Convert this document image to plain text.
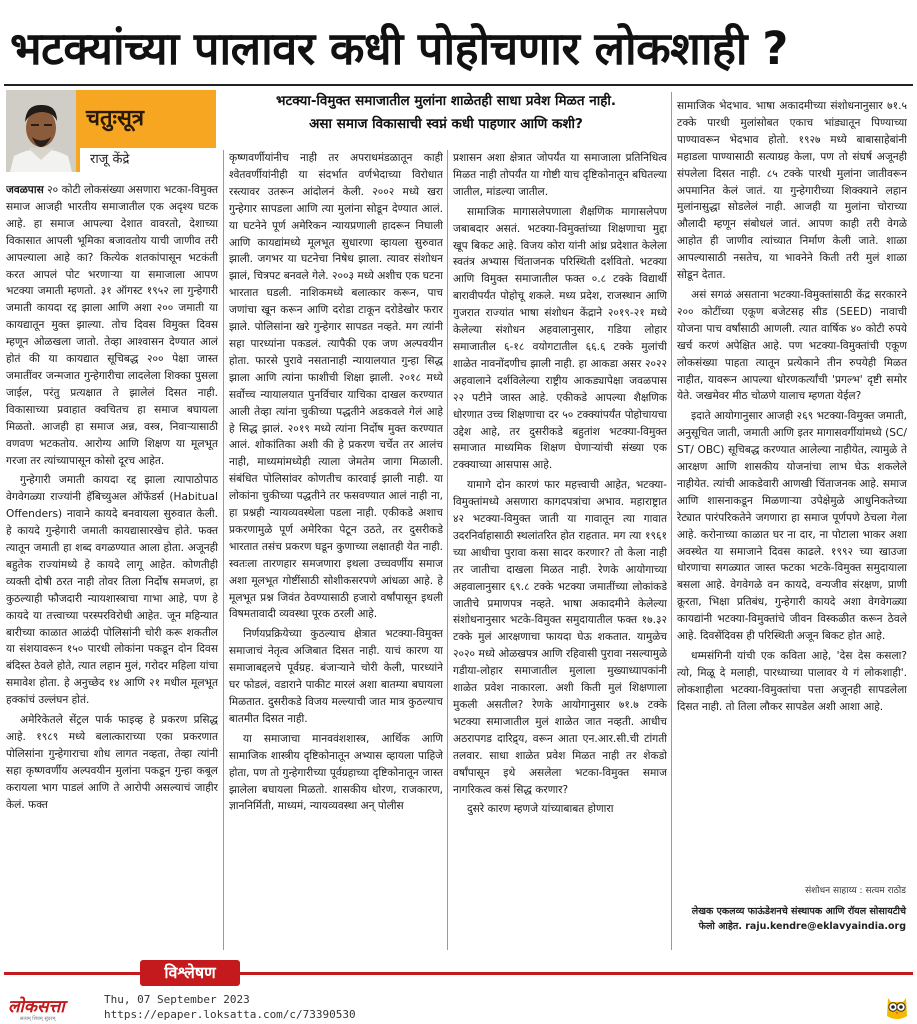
भटक्यांच्या पालावर कधी पोहोचणार लोकशाही ?
चतुःसूत्र
राजू केंद्रे
भटक्या-विमुक्त समाजातील मुलांना शाळेतही साधा प्रवेश मिळत नाही.
असा समाज विकासाची स्वप्नं कधी पाहणार आणि कशी?

जवळपास २० कोटी लोकसंख्या असणारा भटका-विमुक्त समाज आजही भारतीय समाजातील एक अदृश्य घटक आहे. हा समाज आपल्या देशात वावरतो, देशाच्या विकासात आपली भूमिका बजावतोय याची जाणीव तरी आपल्याला आहे का? कित्येक शतकांपासून भटकंती करत आपलं पोट भरणाऱ्या या समाजाला आपण भटक्या जमाती म्हणतो. ३१ ऑगस्ट १९५२ ला गुन्हेगारी जमाती कायदा रद्द झाला आणि अशा २०० जमाती या कायद्यातून मुक्त झाल्या. तोच दिवस विमुक्त दिवस म्हणून ओळखला जातो. तेव्हा आश्वासन देण्यात आलं होतं की या कायद्यात सूचिबद्ध २०० पेक्षा जास्त जमातींवर जन्मजात गुन्हेगारीचा लादलेला शिक्का पुसला जाईल, परंतु प्रत्यक्षात ते झालेलं दिसत नाही. विकासाच्या प्रवाहात क्वचितच हा समाज बघायला मिळतो. आजही हा समाज अन्न, वस्त्र, निवाऱ्यासाठी वणवण भटकतोय. आरोग्य आणि शिक्षण या मूलभूत गरजा तर त्यांच्यापासून कोसो दूरच आहेत.

गुन्हेगारी जमाती कायदा रद्द झाला त्यापाठोपाठ वेगवेगळ्या राज्यांनी हॅबिच्युअल ऑफेंडर्स (Habitual Offenders) नावाने कायदे बनवायला सुरुवात केली. हे कायदे गुन्हेगारी जमाती कायद्यासारखेच होते. फक्त त्यातून जमाती हा शब्द वगळण्यात आला होता. अजूनही बहुतेक राज्यांमध्ये हे कायदे लागू आहेत. कोणतीही व्यक्ती दोषी ठरत नाही तोवर तिला निर्दोष समजणं, हा कुठल्याही फौजदारी न्यायशास्त्राचा गाभा आहे, पण हे कायदे या तत्त्वाच्या परस्परविरोधी आहेत. जून महिन्यात बारीच्या काळात आळंदी पोलिसांनी चोरी करू शकतील या संशयावरून १५० पारधी लोकांना पकडून दोन दिवस बंदिस्त ठेवले होते, त्यात लहान मुलं, गरोदर महिला यांचा समावेश होता. हे अनुच्छेद १४ आणि २१ मधील मूलभूत हक्कांचं उल्लंघन होतं.

अमेरिकेतले सेंट्रल पार्क फाइव्ह हे प्रकरण प्रसिद्ध आहे. १९८९ मध्ये बलात्काराच्या एका प्रकरणात पोलिसांना गुन्हेगाराचा शोध लागत नव्हता, तेव्हा त्यांनी सहा कृष्णवर्णीय अल्पवयीन मुलांना पकडून गुन्हा कबूल करायला भाग पाडलं आणि ते आरोपी असल्याचं जाहीर केलं. फक्त

कृष्णवर्णीयांनीच नाही तर अपराधमंडळातून काही श्वेतवर्णीयांनीही या संदर्भात वर्णभेदाच्या विरोधात रस्त्यावर उतरून आंदोलनं केली. २००२ मध्ये खरा गुन्हेगार सापडला आणि त्या मुलांना सोडून देण्यात आलं. या घटनेने पूर्ण अमेरिकन न्यायप्रणाली हादरून निघाली आणि कायद्यांमध्ये मूलभूत सुधारणा व्हायला सुरुवात झाली. जगभर या घटनेचा निषेध झाला. त्यावर संशोधन झालं, चित्रपट बनवले गेले. २००३ मध्ये अशीच एक घटना भारतात घडली. नाशिकमध्ये बलात्कार करून, पाच जणांचा खून करून आणि दरोडा टाकून दरोडेखोर फरार झाले. पोलिसांना खरे गुन्हेगार सापडत नव्हते. मग त्यांनी सहा पारध्यांना पकडलं. त्यापैकी एक जण अल्पवयीन होता. फारसे पुरावे नसतानाही न्यायालयात गुन्हा सिद्ध झाला आणि त्यांना फाशीची शिक्षा झाली. २०१८ मध्ये सर्वोच्च न्यायालयात पुनर्विचार याचिका दाखल करण्यात आली तेव्हा त्यांना चुकीच्या पद्धतीने अडकवले गेलं आहे हे सिद्ध झालं. २०१९ मध्ये त्यांना निर्दोष मुक्त करण्यात आलं. शोकांतिका अशी की हे प्रकरण चर्चेत तर आलंच नाही, माध्यमांमध्येही त्याला जेमतेम जागा मिळाली. संबंधित पोलिसांवर कोणतीच कारवाई झाली नाही. या लोकांना चुकीच्या पद्धतीने तर फसवण्यात आलं नाही ना, हा प्रश्नही न्यायव्यवस्थेला पडला नाही. एकीकडे अशाच प्रकरणामुळे पूर्ण अमेरिका पेटून उठते, तर दुसरीकडे भारतात तसंच प्रकरण घडून कुणाच्या लक्षातही येत नाही. स्वतःला तारणहार समजणारा इथला उच्चवर्णीय समाज अशा मूलभूत गोष्टींसाठी सोशीकसरपणे आंधळा आहे. हे मूलभूत प्रश्न जिवंत ठेवण्यासाठी हजारो वर्षांपासून इथली विषमतावादी व्यवस्था पूरक ठरली आहे.

निर्णयप्रक्रियेच्या कुठल्याच क्षेत्रात भटक्या-विमुक्त समाजाचं नेतृत्व अजिबात दिसत नाही. याचं कारण या समाजाबद्दलचे पूर्वग्रह. बंजाऱ्याने चोरी केली, पारध्यांने घर फोडलं, वडाराने पाकीट मारलं अशा बातम्या बघायला मिळतात. दुसरीकडे विजय मल्ल्याची जात मात्र कुठल्याच बातमीत दिसत नाही.

या समाजाचा मानववंशशास्त्र, आर्थिक आणि सामाजिक शास्त्रीय दृष्टिकोनातून अभ्यास व्हायला पाहिजे होता, पण तो गुन्हेगारीच्या पूर्वग्रहाच्या दृष्टिकोनातून जास्त झालेला बघायला मिळतो. शासकीय धोरण, राजकारण, ज्ञाननिर्मिती, माध्यमं, न्यायव्यवस्था अन् पोलीस

प्रशासन अशा क्षेत्रात जोपर्यंत या समाजाला प्रतिनिधित्व मिळत नाही तोपर्यंत या गोष्टी याच दृष्टिकोनातून बघितल्या जातील, मांडल्या जातील.

सामाजिक मागासलेपणाला शैक्षणिक मागासलेपण जबाबदार असतं. भटक्या-विमुक्तांच्या शिक्षणाचा मुद्दा खूप बिकट आहे. विजय कोरा यांनी आंध्र प्रदेशात केलेला स्वतंत्र अभ्यास चिंताजनक परिस्थिती दर्शवितो. भटक्या आणि विमुक्त समाजातील फक्त ०.८ टक्के विद्यार्थी बारावीपर्यंत पोहोचू शकले. मध्य प्रदेश, राजस्थान आणि गुजरात राज्यांत भाषा संशोधन केंद्राने २०१९-२१ मध्ये केलेल्या संशोधन अहवालानुसार, गडिया लोहार समाजातील ६-१८ वयोगटातील ६६.६ टक्के मुलांची शाळेत नावनोंदणीच झाली नाही. हा आकडा असर २०२२ अहवालाने दर्शविलेल्या राष्ट्रीय आकड्यापेक्षा जवळपास २२ पटीने जास्त आहे. एकीकडे आपल्या शैक्षणिक धोरणात उच्च शिक्षणाचा दर ५० टक्क्यांपर्यंत पोहोचायचा उद्देश आहे, तर दुसरीकडे बहुतांश भटक्या-विमुक्त समाजात माध्यमिक शिक्षण घेणाऱ्यांची संख्या एक टक्क्याच्या आसपास आहे.

यामागे दोन कारणं फार महत्त्वाची आहेत, भटक्या-विमुक्तांमध्ये असणारा कागदपत्रांचा अभाव. महाराष्ट्रात ४२ भटक्या-विमुक्त जाती या गावातून त्या गावात उदरनिर्वाहासाठी स्थलांतरित होत राहतात. मग त्या १९६१ च्या आधीचा पुरावा कसा सादर करणार? तो केला नाही तर जातीचा दाखला मिळत नाही. रेणके आयोगाच्या अहवालानुसार ६९.८ टक्के भटक्या जमातींच्या लोकांकडे जातीचे प्रमाणपत्र नव्हते. भाषा अकादमीने केलेल्या संशोधनानुसार भटके-विमुक्त समुदायातील फक्त १७.३२ टक्के मुलं आरक्षणाचा फायदा घेऊ शकतात. यामुळेच २०२० मध्ये ओळखपत्र आणि रहिवासी पुरावा नसल्यामुळे गडीया-लोहार समाजातील मुलाला मुख्याध्यापकांनी शाळेत प्रवेश नाकारला. अशी किती मुलं शिक्षणाला मुकली असतील? रेणके आयोगानुसार ७१.७ टक्के भटक्या समाजातील मुलं शाळेत जात नव्हती. आधीच अठरापगड दारिद्र्य, वरून आता एन.आर.सी.ची टांगती तलवार. साधा शाळेत प्रवेश मिळत नाही तर शेकडो वर्षांपासून इथे असलेला भटका-विमुक्त समाज नागरिकत्व कसं सिद्ध करणार?

दुसरे कारण म्हणजे यांच्याबाबत होणारा

सामाजिक भेदभाव. भाषा अकादमीच्या संशोधनानुसार ७१.५ टक्के पारधी मुलांसोबत एकाच भांड्यातून पिण्याच्या पाण्यावरून भेदभाव होतो. १९२७ मध्ये बाबासाहेबांनी महाडला पाण्यासाठी सत्याग्रह केला, पण तो संघर्ष अजूनही संपलेला दिसत नाही. ८५ टक्के पारधी मुलांना जातीवरून अपमानित केलं जातं. या गुन्हेगारीच्या शिक्क्याने लहान मुलांनासुद्धा सोडलेलं नाही. आजही या मुलांना चोराच्या औलादी म्हणून संबोधलं जातं. आपण काही तरी वेगळे आहोत ही जाणीव त्यांच्यात निर्माण केली जाते. शाळा आपल्यासाठी नसतेच, या भावनेने किती तरी मुलं शाळा सोडून देतात.

असं सगळं असताना भटक्या-विमुक्तांसाठी केंद्र सरकारने २०० कोटींच्या एकूण बजेटसह सीड (SEED) नावाची योजना पाच वर्षांसाठी आणली. त्यात वार्षिक ४० कोटी रुपये खर्च करणं अपेक्षित आहे. पण भटक्या-विमुक्तांची एकूण लोकसंख्या पाहता त्यातून प्रत्येकाने तीन रुपयेही मिळत नाहीत, यावरून आपल्या धोरणकर्त्यांची 'प्रगल्भ' दृष्टी समोर येते. जखमेवर मीठ चोळणे यालाच म्हणता येईल?

इदाते आयोगानुसार आजही २६९ भटक्या-विमुक्त जमाती, अनुसूचित जाती, जमाती आणि इतर मागासवर्गीयांमध्ये (SC/ ST/ OBC) सूचिबद्ध करण्यात आलेल्या नाहीयेत, त्यामुळे ते आरक्षण आणि शासकीय योजनांचा लाभ घेऊ शकलेले नाहीयेत. त्यांची आकडेवारी आणखी चिंताजनक आहे. समाज आणि शासनाकडून मिळणाऱ्या उपेक्षेमुळे आधुनिकतेच्या रेट्यात पारंपरिकतेने जगणारा हा समाज पूर्णपणे ठेचला गेला आहे. करोनाच्या काळात घर ना दार, ना पोटाला भाकर अशा अवस्थेत या समाजाने दिवस काढले. १९९२ च्या खाउजा धोरणाचा सगळ्यात जास्त फटका भटके-विमुक्त समुदायाला बसला आहे. वेगवेगळे वन कायदे, वन्यजीव संरक्षण, प्राणी क्रूरता, भिक्षा प्रतिबंध, गुन्हेगारी कायदे अशा वेगवेगळ्या कायद्यांनी भटक्या-विमुक्तांचे जीवन विस्कळीत करून ठेवले आहे. दिवसेंदिवस ही परिस्थिती अजून बिकट होत आहे.

धम्मसंगिनी यांची एक कविता आहे, 'देस देस कसला? त्यो, मिळू दे मलाही, पारध्याच्या पालावर ये गं लोकशाही'. लोकशाहीला भटक्या-विमुक्तांचा पत्ता अजूनही सापडलेला दिसत नाही. तो तिला लौकर सापडेल अशी आशा आहे.

संशोधन साहाय्य : सत्यम राठोड
लेखक एकलव्य फाऊंडेशनचे संस्थापक आणि रॉयल सोसायटीचे फेलो आहेत. raju.kendre@eklavyaindia.org
विश्लेषण
लोकसत्ता
सत्यम् शिवम् सुंदरम्
Thu, 07 September 2023
https://epaper.loksatta.com/c/73390530
